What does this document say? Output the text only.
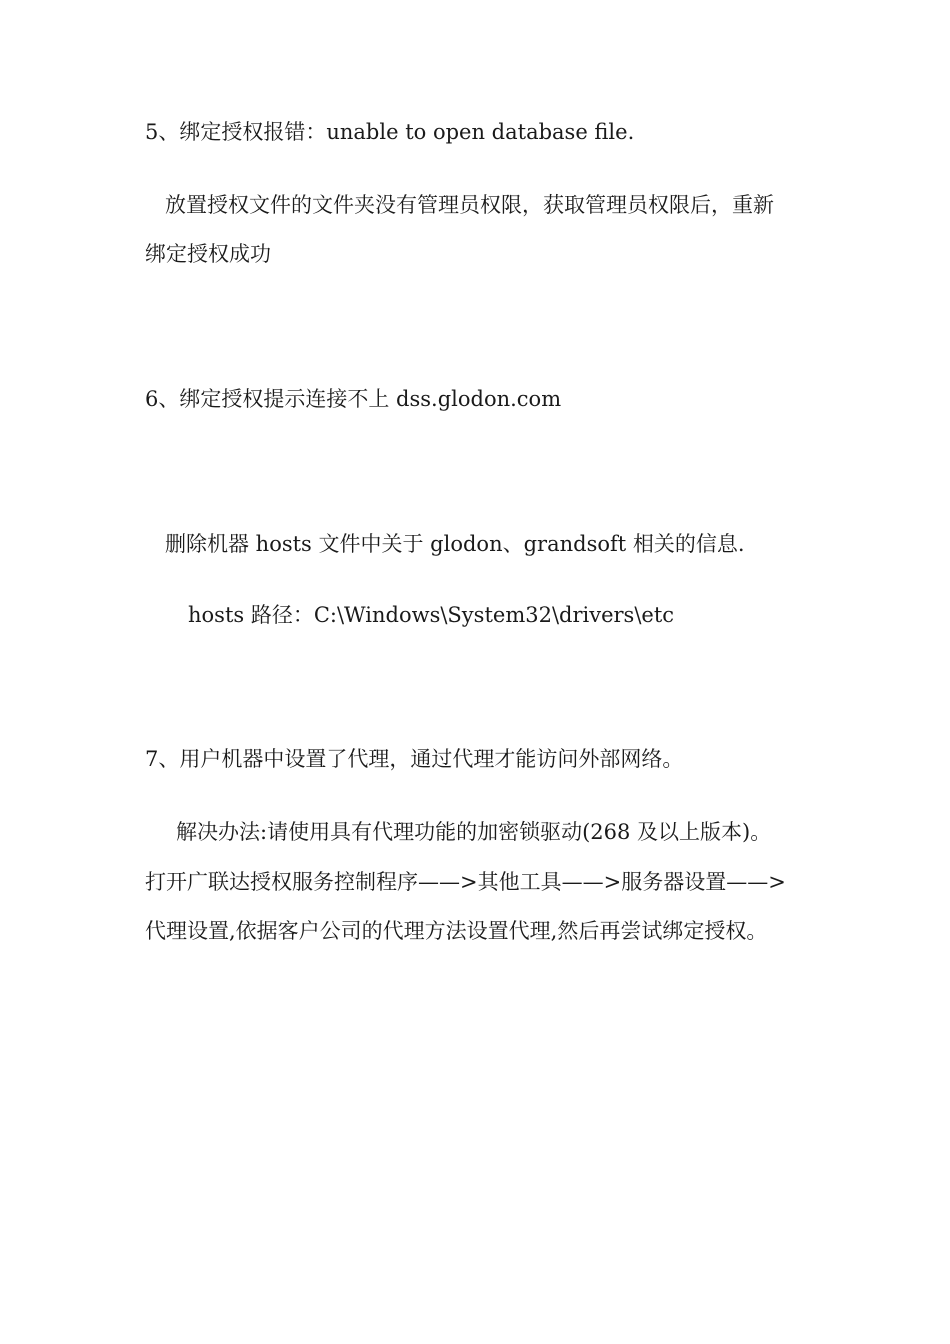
5、绑定授权报错：unable to open database file.

放置授权文件的文件夹没有管理员权限，获取管理员权限后，重新

绑定授权成功

6、绑定授权提示连接不上 dss.glodon.com

删除机器 hosts 文件中关于 glodon、grandsoft 相关的信息.

hosts 路径：C:\Windows\System32\drivers\etc

7、用户机器中设置了代理，通过代理才能访问外部网络。

解决办法:请使用具有代理功能的加密锁驱动(268 及以上版本)。

打开广联达授权服务控制程序——>其他工具——>服务器设置——>

代理设置,依据客户公司的代理方法设置代理,然后再尝试绑定授权。
